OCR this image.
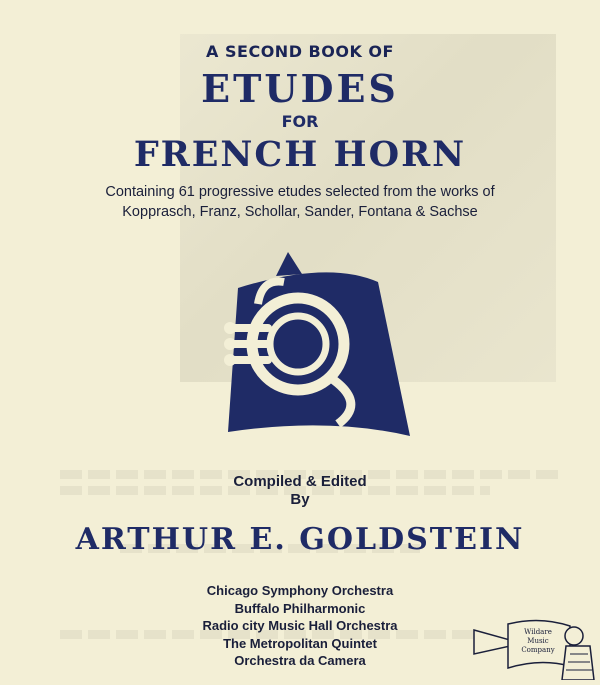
A SECOND BOOK OF
ETUDES
FOR
FRENCH HORN
Containing 61 progressive etudes selected from the works of
Kopprasch, Franz, Schollar, Sander, Fontana & Sachse
Compiled & Edited
By
ARTHUR E. GOLDSTEIN
Chicago Symphony Orchestra
Buffalo Philharmonic
Radio city Music Hall Orchestra
The Metropolitan Quintet
Orchestra da Camera
Wildare
Music
Company
